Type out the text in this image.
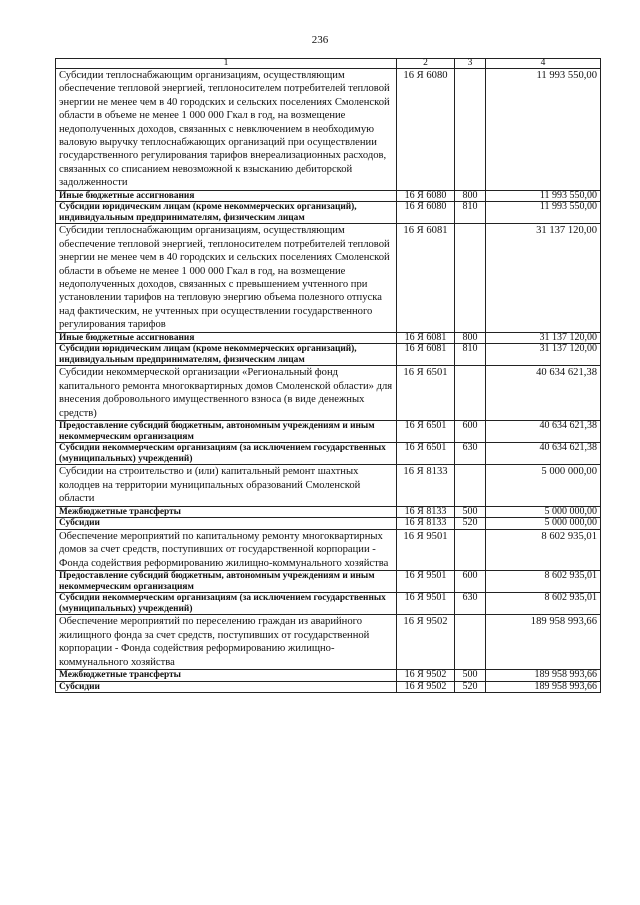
236
1	2	3	4
Субсидии теплоснабжающим организациям, осуществляющим обеспечение тепловой энергией, теплоносителем потребителей тепловой энергии не менее чем в 40 городских и сельских поселениях Смоленской области в объеме не менее 1 000 000 Гкал в год, на возмещение недополученных доходов, связанных с невключением в необходимую валовую выручку теплоснабжающих организаций при осуществлении государственного регулирования тарифов внереализационных расходов, связанных со списанием невозможной к взысканию дебиторской задолженности	16 Я 6080		11 993 550,00
Иные бюджетные ассигнования	16 Я 6080	800	11 993 550,00
Субсидии юридическим лицам (кроме некоммерческих организаций), индивидуальным предпринимателям, физическим лицам	16 Я 6080	810	11 993 550,00
Субсидии теплоснабжающим организациям, осуществляющим обеспечение тепловой энергией, теплоносителем потребителей тепловой энергии не менее чем в 40 городских и сельских поселениях Смоленской области в объеме не менее 1 000 000 Гкал в год, на возмещение недополученных доходов, связанных с превышением учтенного при установлении тарифов на тепловую энергию объема полезного отпуска над фактическим, не учтенных при осуществлении государственного регулирования тарифов	16 Я 6081		31 137 120,00
Иные бюджетные ассигнования	16 Я 6081	800	31 137 120,00
Субсидии юридическим лицам (кроме некоммерческих организаций), индивидуальным предпринимателям, физическим лицам	16 Я 6081	810	31 137 120,00
Субсидии некоммерческой организации «Региональный фонд капитального ремонта многоквартирных домов Смоленской области» для внесения добровольного имущественного взноса (в виде денежных средств)	16 Я 6501		40 634 621,38
Предоставление субсидий бюджетным, автономным учреждениям и иным некоммерческим организациям	16 Я 6501	600	40 634 621,38
Субсидии некоммерческим организациям (за исключением государственных (муниципальных) учреждений)	16 Я 6501	630	40 634 621,38
Субсидии на строительство и (или) капитальный ремонт шахтных колодцев на территории муниципальных образований Смоленской области	16 Я 8133		5 000 000,00
Межбюджетные трансферты	16 Я 8133	500	5 000 000,00
Субсидии	16 Я 8133	520	5 000 000,00
Обеспечение мероприятий по капитальному ремонту многоквартирных домов за счет средств, поступивших от государственной корпорации - Фонда содействия реформированию жилищно-коммунального хозяйства	16 Я 9501		8 602 935,01
Предоставление субсидий бюджетным, автономным учреждениям и иным некоммерческим организациям	16 Я 9501	600	8 602 935,01
Субсидии некоммерческим организациям (за исключением государственных (муниципальных) учреждений)	16 Я 9501	630	8 602 935,01
Обеспечение мероприятий по переселению граждан из аварийного жилищного фонда за счет средств, поступивших от государственной корпорации - Фонда содействия реформированию жилищно-коммунального хозяйства	16 Я 9502		189 958 993,66
Межбюджетные трансферты	16 Я 9502	500	189 958 993,66
Субсидии	16 Я 9502	520	189 958 993,66
